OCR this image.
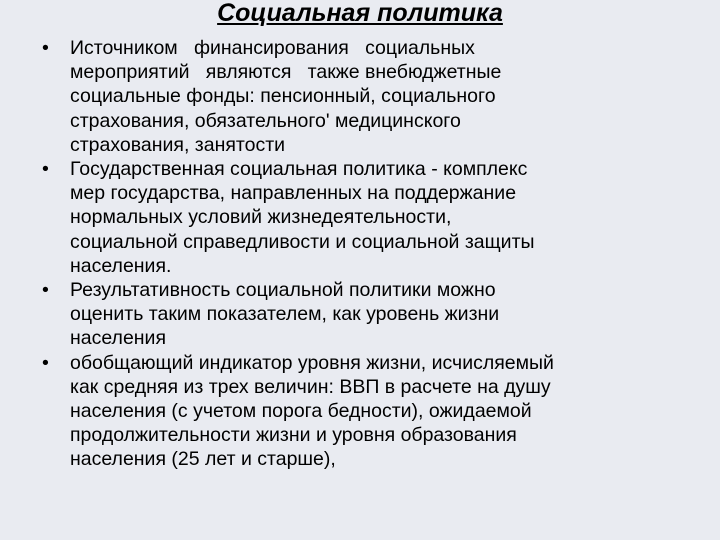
Социальная политика
• Источником   финансирования   социальных
мероприятий   являются   также внебюджетные
социальные фонды: пенсионный, социального
страхования, обязательного' медицинского
страхования, занятости
• Государственная социальная политика - комплекс
мер государства, направленных на поддержание
нормальных условий жизнедеятельности,
социальной справедливости и социальной защиты
населения.
• Результативность социальной политики можно
оценить таким показателем, как уровень жизни
населения
• обобщающий индикатор уровня жизни, исчисляемый
как средняя из трех величин: ВВП в расчете на душу
населения (с учетом порога бедности), ожидаемой
продолжительности жизни и уровня образования
населения (25 лет и старше),
